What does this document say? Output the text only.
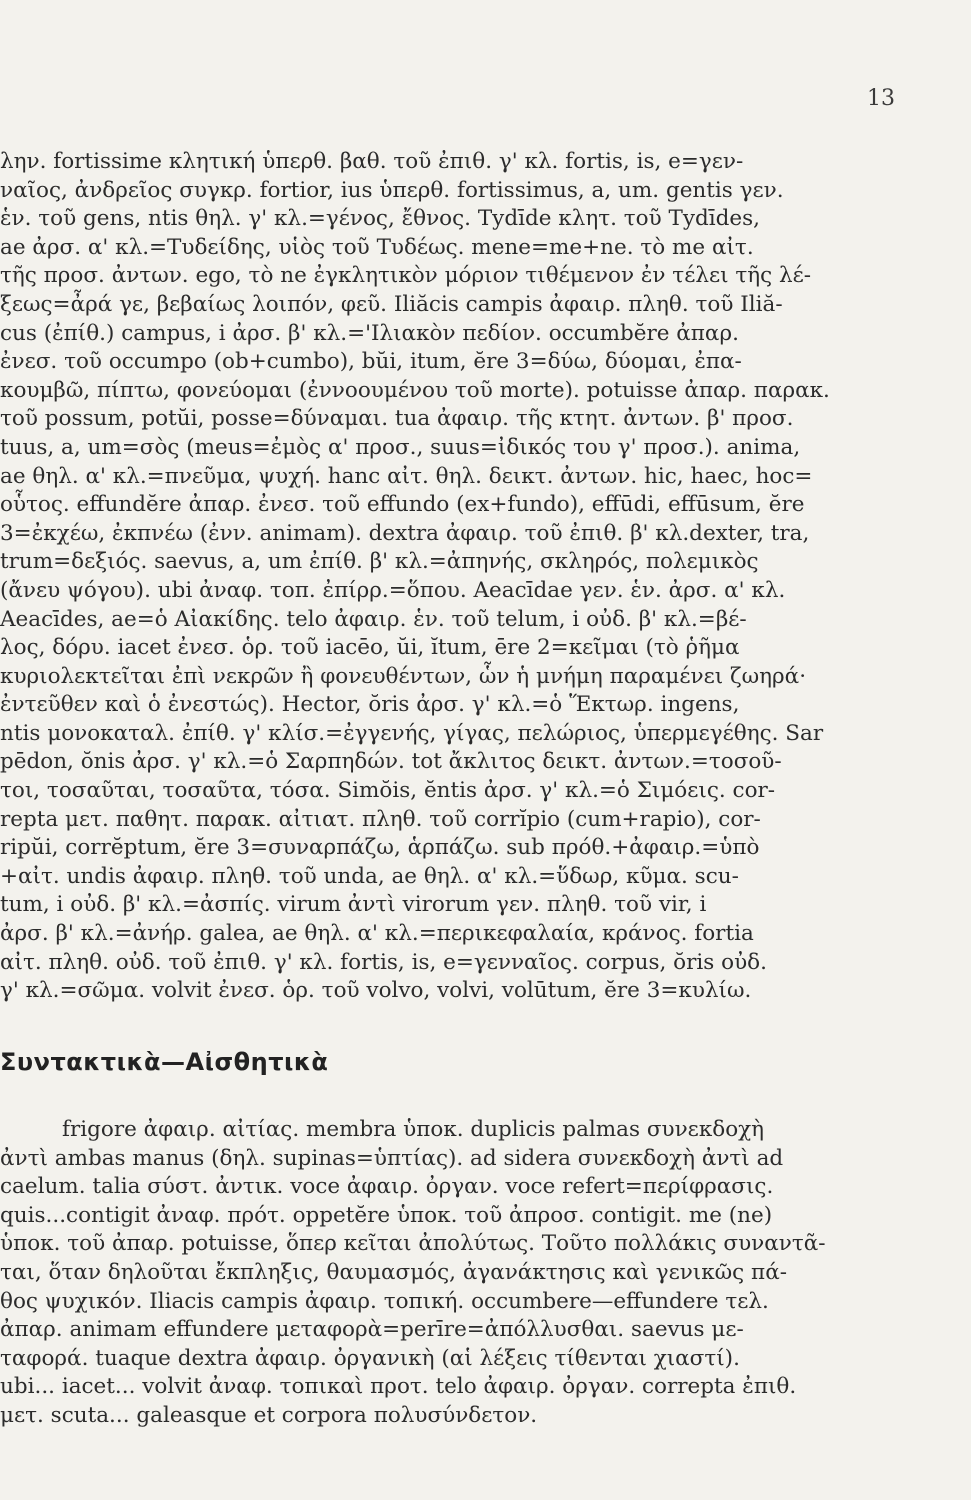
13
λην. fortissime κλητική ὑπερθ. βαθ. τοῦ ἐπιθ. γ' κλ. fortis, is, e=γεν-
ναῖος, ἀνδρεῖος συγκρ. fortior, ius ὑπερθ. fortissimus, a, um. gentis γεν.
ἑν. τοῦ gens, ntis θηλ. γ' κλ.=γένος, ἔθνος. Tydīde κλητ. τοῦ Tydīdes,
ae ἀρσ. α' κλ.=Τυδείδης, υἱὸς τοῦ Τυδέως. mene=me+ne. τὸ me αἰτ.
τῆς προσ. ἀντων. ego, τὸ ne ἐγκλητικὸν μόριον τιθέμενον ἐν τέλει τῆς λέ-
ξεως=ἆρά γε, βεβαίως λοιπόν, φεῦ. Iliăcis campis ἀφαιρ. πληθ. τοῦ Iliă-
cus (ἐπίθ.) campus, i ἀρσ. β' κλ.='Ιλιακὸν πεδίον. occumbĕre ἀπαρ.
ἐνεσ. τοῦ occumpo (ob+cumbo), bŭi, itum, ĕre 3=δύω, δύομαι, ἐπα-
κουμβῶ, πίπτω, φονεύομαι (ἐννοουμένου τοῦ morte). potuisse ἀπαρ. παρακ.
τοῦ possum, potŭi, posse=δύναμαι. tua ἀφαιρ. τῆς κτητ. ἀντων. β' προσ.
tuus, a, um=σὸς (meus=ἐμὸς α' προσ., suus=ἰδικός του γ' προσ.). anima,
ae θηλ. α' κλ.=πνεῦμα, ψυχή. hanc αἰτ. θηλ. δεικτ. ἀντων. hic, haec, hoc=
οὗτος. effundĕre ἀπαρ. ἐνεσ. τοῦ effundo (ex+fundo), effūdi, effūsum, ĕre
3=ἐκχέω, ἐκπνέω (ἐνν. animam). dextra ἀφαιρ. τοῦ ἐπιθ. β' κλ.dexter, tra,
trum=δεξιός. saevus, a, um ἐπίθ. β' κλ.=ἀπηνής, σκληρός, πολεμικὸς
(ἄνευ ψόγου). ubi ἀναφ. τοπ. ἐπίρρ.=ὅπου. Aeacīdae γεν. ἑν. ἀρσ. α' κλ.
Aeacīdes, ae=ὁ Αἰακίδης. telo ἀφαιρ. ἑν. τοῦ telum, i οὐδ. β' κλ.=βέ-
λος, δόρυ. iacet ἐνεσ. ὁρ. τοῦ iacēo, ŭi, ĭtum, ēre 2=κεῖμαι (τὸ ῥῆμα
κυριολεκτεῖται ἐπὶ νεκρῶν ἢ φονευθέντων, ὧν ἡ μνήμη παραμένει ζωηρά·
ἐντεῦθεν καὶ ὁ ἐνεστώς). Hector, ŏris ἀρσ. γ' κλ.=ὁ Ἕκτωρ. ingens,
ntis μονοκαταλ. ἐπίθ. γ' κλίσ.=ἐγγενής, γίγας, πελώριος, ὑπερμεγέθης. Sar
pēdon, ŏnis ἀρσ. γ' κλ.=ὁ Σαρπηδών. tot ἄκλιτος δεικτ. ἀντων.=τοσοῦ-
τοι, τοσαῦται, τοσαῦτα, τόσα. Simŏis, ĕntis ἀρσ. γ' κλ.=ὁ Σιμόεις. cor-
repta μετ. παθητ. παρακ. αἰτιατ. πληθ. τοῦ corrĭpio (cum+rapio), cor-
ripŭi, corrĕptum, ĕre 3=συναρπάζω, ἁρπάζω. sub πρόθ.+ἀφαιρ.=ὑπὸ
+αἰτ. undis ἀφαιρ. πληθ. τοῦ unda, ae θηλ. α' κλ.=ὕδωρ, κῦμα. scu-
tum, i οὐδ. β' κλ.=ἀσπίς. virum ἀντὶ virorum γεν. πληθ. τοῦ vir, i
ἀρσ. β' κλ.=ἀνήρ. galea, ae θηλ. α' κλ.=περικεφαλαία, κράνος. fortia
αἰτ. πληθ. οὐδ. τοῦ ἐπιθ. γ' κλ. fortis, is, e=γενναῖος. corpus, ŏris οὐδ.
γ' κλ.=σῶμα. volvit ἐνεσ. ὁρ. τοῦ volvo, volvi, volūtum, ĕre 3=κυλίω.
Συντακτικὰ—Αἰσθητικὰ
frigore ἀφαιρ. αἰτίας. membra ὑποκ. duplicis palmas συνεκδοχὴ
ἀντὶ ambas manus (δηλ. supinas=ὑπτίας). ad sidera συνεκδοχὴ ἀντὶ ad
caelum. talia σύστ. ἀντικ. voce ἀφαιρ. ὀργαν. voce refert=περίφρασις.
quis...contigit ἀναφ. πρότ. oppetĕre ὑποκ. τοῦ ἀπροσ. contigit. me (ne)
ὑποκ. τοῦ ἀπαρ. potuisse, ὅπερ κεῖται ἀπολύτως. Τοῦτο πολλάκις συναντᾶ-
ται, ὅταν δηλοῦται ἔκπληξις, θαυμασμός, ἀγανάκτησις καὶ γενικῶς πά-
θος ψυχικόν. Iliacis campis ἀφαιρ. τοπική. occumbere—effundere τελ.
ἀπαρ. animam effundere μεταφορὰ=perīre=ἀπόλλυσθαι. saevus με-
ταφορά. tuaque dextra ἀφαιρ. ὀργανικὴ (αἱ λέξεις τίθενται χιαστί).
ubi... iacet... volvit ἀναφ. τοπικαὶ προτ. telo ἀφαιρ. ὀργαν. correpta ἐπιθ.
μετ. scuta... galeasque et corpora πολυσύνδετον.
